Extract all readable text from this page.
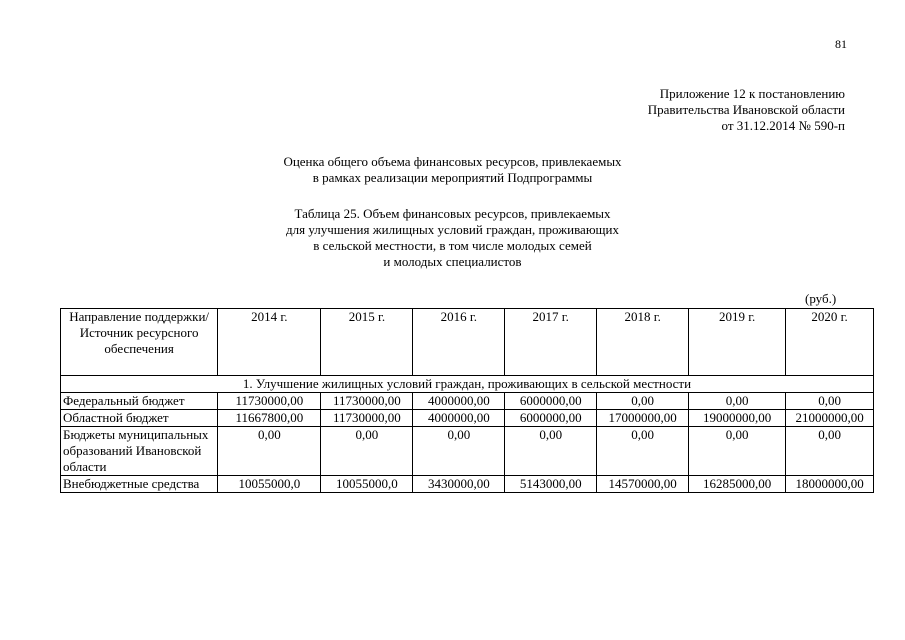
81
Приложение 12 к постановлению
Правительства Ивановской области
от 31.12.2014 № 590-п
Оценка общего объема финансовых ресурсов, привлекаемых
в рамках реализации мероприятий Подпрограммы
Таблица 25. Объем финансовых ресурсов, привлекаемых
для улучшения жилищных условий граждан, проживающих
в сельской местности, в том числе молодых семей
и молодых специалистов
(руб.)
Направление поддержки/Источник ресурсного обеспечения	2014 г.	2015 г.	2016 г.	2017 г.	2018 г.	2019 г.	2020 г.
1. Улучшение жилищных условий граждан, проживающих в сельской местности							
Федеральный бюджет	11730000,00	11730000,00	4000000,00	6000000,00	0,00	0,00	0,00
Областной бюджет	11667800,00	11730000,00	4000000,00	6000000,00	17000000,00	19000000,00	21000000,00
Бюджеты муниципальных образований Ивановской области	0,00	0,00	0,00	0,00	0,00	0,00	0,00
Внебюджетные средства	10055000,0	10055000,0	3430000,00	5143000,00	14570000,00	16285000,00	18000000,00
